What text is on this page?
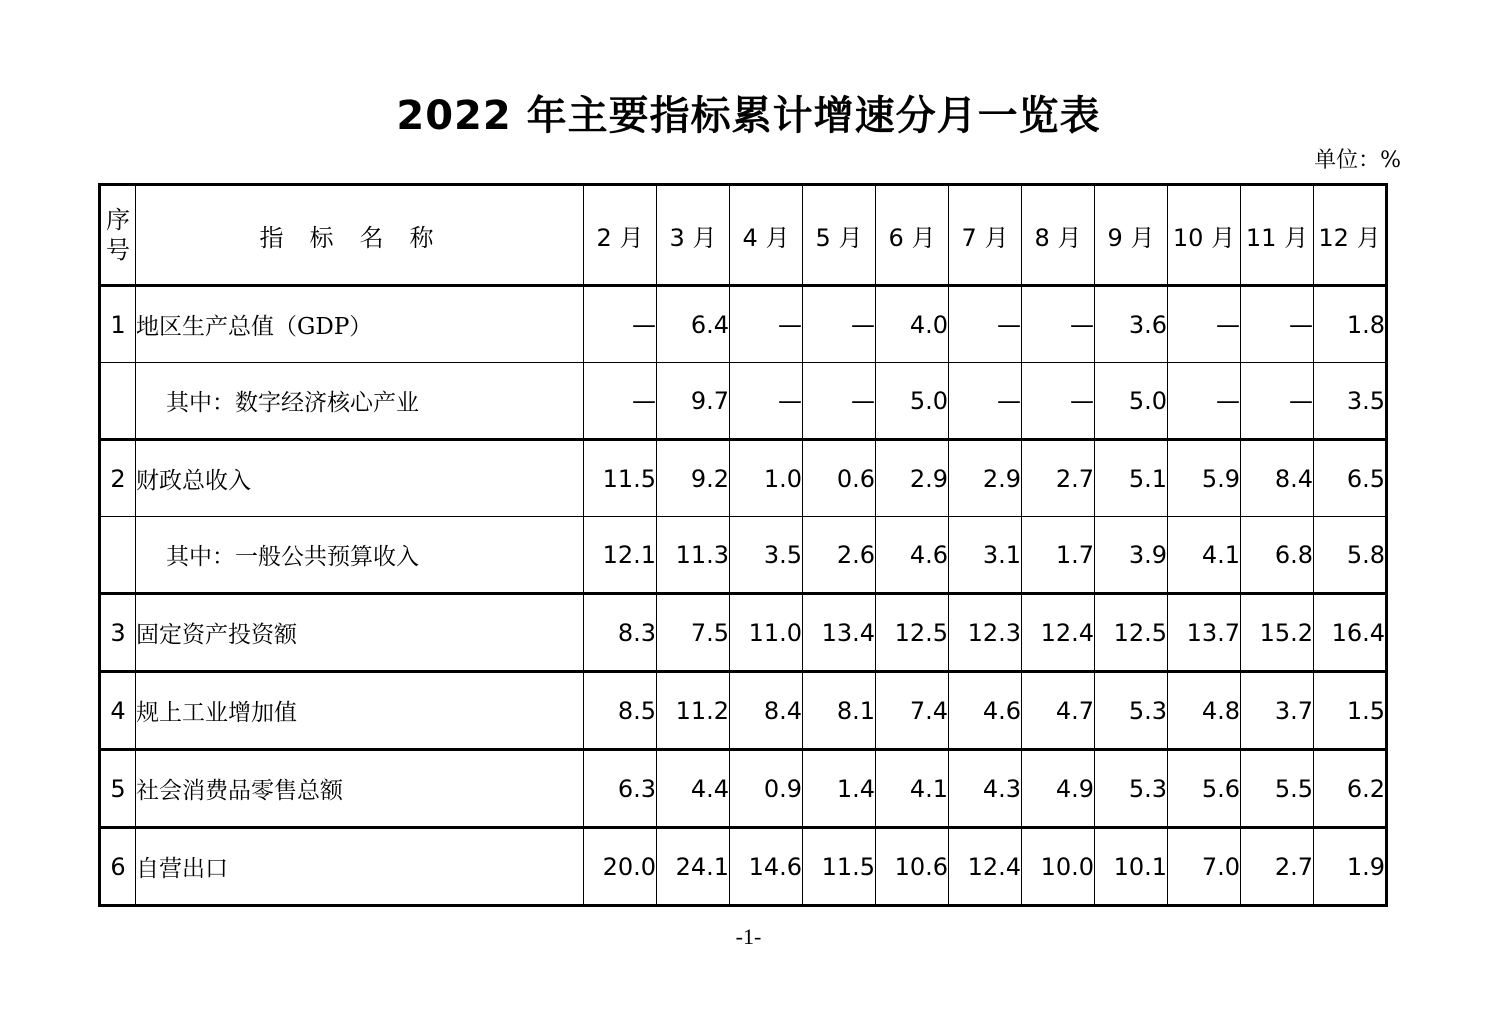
2022 年主要指标累计增速分月一览表
单位：%
序号	指标名称	2 月	3 月	4 月	5 月	6 月	7 月	8 月	9 月	10 月	11 月	12 月
1	地区生产总值（GDP）	—	6.4	—	—	4.0	—	—	3.6	—	—	1.8
	其中：数字经济核心产业	—	9.7	—	—	5.0	—	—	5.0	—	—	3.5
2	财政总收入	11.5	9.2	1.0	0.6	2.9	2.9	2.7	5.1	5.9	8.4	6.5
	其中：一般公共预算收入	12.1	11.3	3.5	2.6	4.6	3.1	1.7	3.9	4.1	6.8	5.8
3	固定资产投资额	8.3	7.5	11.0	13.4	12.5	12.3	12.4	12.5	13.7	15.2	16.4
4	规上工业增加值	8.5	11.2	8.4	8.1	7.4	4.6	4.7	5.3	4.8	3.7	1.5
5	社会消费品零售总额	6.3	4.4	0.9	1.4	4.1	4.3	4.9	5.3	5.6	5.5	6.2
6	自营出口	20.0	24.1	14.6	11.5	10.6	12.4	10.0	10.1	7.0	2.7	1.9
-1-
